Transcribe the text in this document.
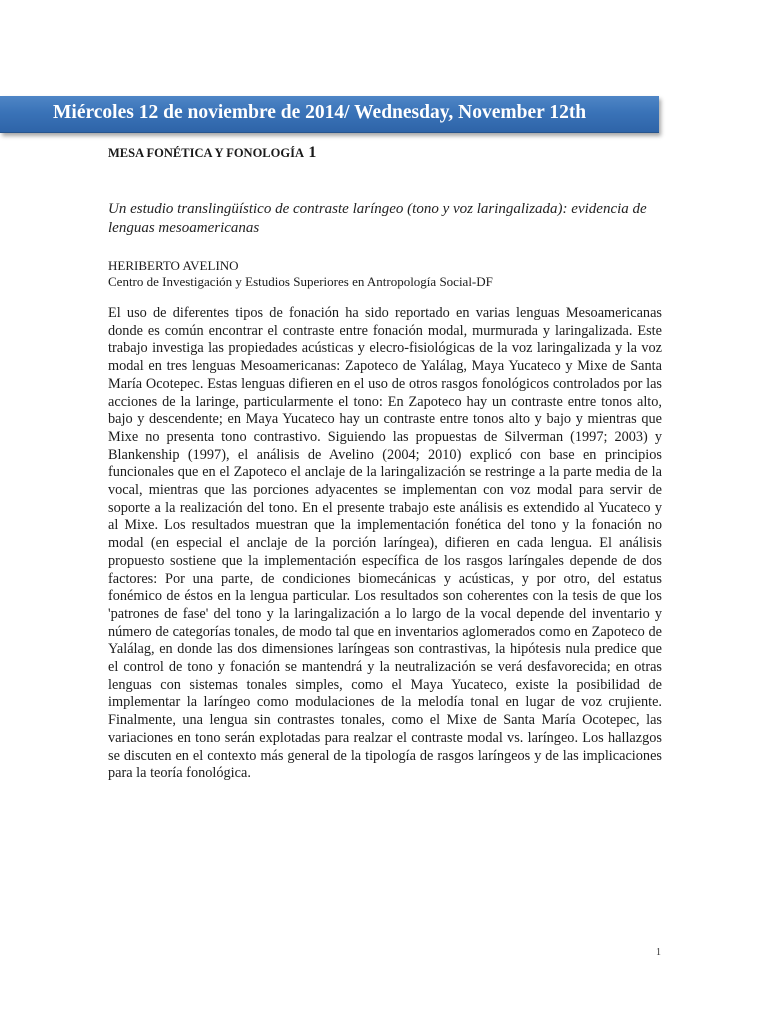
Miércoles 12 de noviembre de 2014/ Wednesday, November 12th
MESA FONÉTICA Y FONOLOGÍA 1
Un estudio translingüístico de contraste laríngeo (tono y voz laringalizada): evidencia de lenguas mesoamericanas
HERIBERTO AVELINO
Centro de Investigación y Estudios Superiores en Antropología Social-DF

El uso de diferentes tipos de fonación ha sido reportado en varias lenguas Mesoamericanas donde es común encontrar el contraste entre fonación modal, murmurada y laringalizada. Este trabajo investiga las propiedades acústicas y elecro-fisiológicas de la voz laringalizada y la voz modal en tres lenguas Mesoamericanas: Zapoteco de Yalálag, Maya Yucateco y Mixe de Santa María Ocotepec. Estas lenguas difieren en el uso de otros rasgos fonológicos controlados por las acciones de la laringe, particularmente el tono: En Zapoteco hay un contraste entre tonos alto, bajo y descendente; en Maya Yucateco hay un contraste entre tonos alto y bajo y mientras que Mixe no presenta tono contrastivo. Siguiendo las propuestas de Silverman (1997; 2003) y Blankenship (1997), el análisis de Avelino (2004; 2010) explicó con base en principios funcionales que en el Zapoteco el anclaje de la laringalización se restringe a la parte media de la vocal, mientras que las porciones adyacentes se implementan con voz modal para servir de soporte a la realización del tono. En el presente trabajo este análisis es extendido al Yucateco y al Mixe. Los resultados muestran que la implementación fonética del tono y la fonación no modal (en especial el anclaje de la porción laríngea), difieren en cada lengua. El análisis propuesto sostiene que la implementación específica de los rasgos laríngales depende de dos factores: Por una parte, de condiciones biomecánicas y acústicas, y por otro, del estatus fonémico de éstos en la lengua particular. Los resultados son coherentes con la tesis de que los 'patrones de fase' del tono y la laringalización a lo largo de la vocal depende del inventario y número de categorías tonales, de modo tal que en inventarios aglomerados como en Zapoteco de Yalálag, en donde las dos dimensiones laríngeas son contrastivas, la hipótesis nula predice que el control de tono y fonación se mantendrá y la neutralización se verá desfavorecida; en otras lenguas con sistemas tonales simples, como el Maya Yucateco, existe la posibilidad de implementar la laríngeo como modulaciones de la melodía tonal en lugar de voz crujiente. Finalmente, una lengua sin contrastes tonales, como el Mixe de Santa María Ocotepec, las variaciones en tono serán explotadas para realzar el contraste modal vs. laríngeo. Los hallazgos se discuten en el contexto más general de la tipología de rasgos laríngeos y de las implicaciones para la teoría fonológica.

1
